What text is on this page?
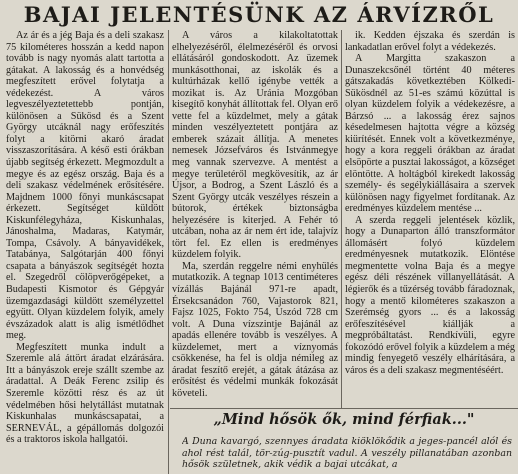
BAJAI JELENTÉSÜNK AZ ÁRVÍZRŐL

Az ár és a jég Baja és a deli szakasz 75 kilométeres hosszán a kedd napon tovább is nagy nyomás alatt tartotta a gátakat. A lakosság és a honvédség megfeszített erővel folytatja a védekezést. A város legveszélyeztetettebb pontján, különösen a Sükösd és a Szent György utcáknál nagy erőfeszítés folyt a kitörni akaró áradat visszaszorítására. A késő esti órákban újabb segítség érkezett. Megmozdult a megye és az egész ország. Baja és a deli szakasz védelmének erősítésére. Majdnem 1000 főnyi munkáscsapat érkezett. Segítséget küldött Kiskunfélegyháza, Kiskunhalas, Jánoshalma, Madaras, Katymár, Tompa, Csávoly. A bányavidékek, Tatabánya, Salgótarján 400 főnyi csapata a bányászok segítségét hozta el. Szegedről cölöpverőgépeket, a Budapesti Kismotor és Gépgyár üzemgazdasági küldött személyzettel együtt. Olyan küzdelem folyik, amely évszázadok alatt is alig ismétlődhet meg.

Megfeszített munka indult a Szeremle alá áttört áradat elzárására. Itt a bányászok ereje szállt szembe az áradattal. A Deák Ferenc zsilip és Szeremle közötti rész és az út védelmében hősi helytállást mutatnak Kiskunhalas munkáscsapatai, a SERNEVÁL, a gépállomás dolgozói és a traktoros iskola hallgatói.

A város a kilakoltatottak elhelyezéséről, élelmezéséről és orvosi ellátásáról gondoskodott. Az üzemek munkásotthonai, az iskolák és a kultúrházak kellő igénybe vették a mozikat is. Az Uránia Mozgóban kisegítő konyhát állítottak fel. Olyan erő vette fel a küzdelmet, mely a gátak minden veszélyeztetett pontjára az emberek százait állítja. A menetes nemesek Józsefváros és Istvánmegye meg vannak szervezve. A mentést a megye területéről megkövesítik, az ár Újsor, a Bodrog, a Szent László és a Szent György utcák veszélyes részein a bútorok, értékek biztonságba helyezésére is kiterjed. A Fehér tó utcában, noha az ár nem ért ide, talajvíz tört fel. Ez ellen is eredményes küzdelem folyik.

Ma, szerdán reggelre némi enyhülés mutatkozik. A tegnap 1013 centiméteres vízállás Bajánál 971-re apadt, Érsekcsanádon 760, Vajastorok 821, Fajsz 1025, Fokto 754, Uszód 728 cm volt. A Duna vízszintje Bajánál az apadás ellenére tovább is veszélyes. A küzdelemet, mert a víznyomás csökkenése, ha fel is oldja némileg az áradat feszítő erejét, a gátak átázása az erősítést és védelmi munkák fokozását követeli.

ik. Kedden éjszaka és szerdán is lankadatlan erővel folyt a védekezés.

A Margitta szakaszon a Dunaszekcsőnél történt 40 méteres gátszakadás következtében Kölkedi-Sükösdnél az 51-es számú közúttal is olyan küzdelem folyik a védekezésre, a Bárzsó ... a lakosság érez sajnos késedelmesen hajtotta végre a község kiürítését. Ennek volt a következménye, hogy a kora reggeli órákban az áradat elsöpörte a pusztai lakosságot, a községet elöntötte. A holtágból kirekedt lakosság személy- és segélykiállásaira a szervek különösen nagy figyelmet fordítanak. Az eredményes küzdelem mentése ...

A szerda reggeli jelentések közlik, hogy a Dunaparton álló transzformátor állomásért folyó küzdelem eredményesnek mutatkozik. Elöntése megmentette volna Baja és a megye egész déli részének villanyellátását. A légierők és a tűzérség tovább fáradoznak, hogy a mentő kilométeres szakaszon a Szerémség gyors ... és a lakosság erőfeszítésével kiállják a megpróbáltatást. Rendkívüli, egyre fokozódó erővel folyik a küzdelem a még mindig fenyegető veszély elhárítására, a város és a deli szakasz megmentéséért.

„Mind hősök ők, mind férfiak..."
A Duna kavargó, szennyes áradata kiöklökődik a jeges-pancél alól és ahol rést talál, tör-zúg-pusztít vadul. A veszély pillanatában azonban hősök születnek, akik védik a bajai utcákat, a
